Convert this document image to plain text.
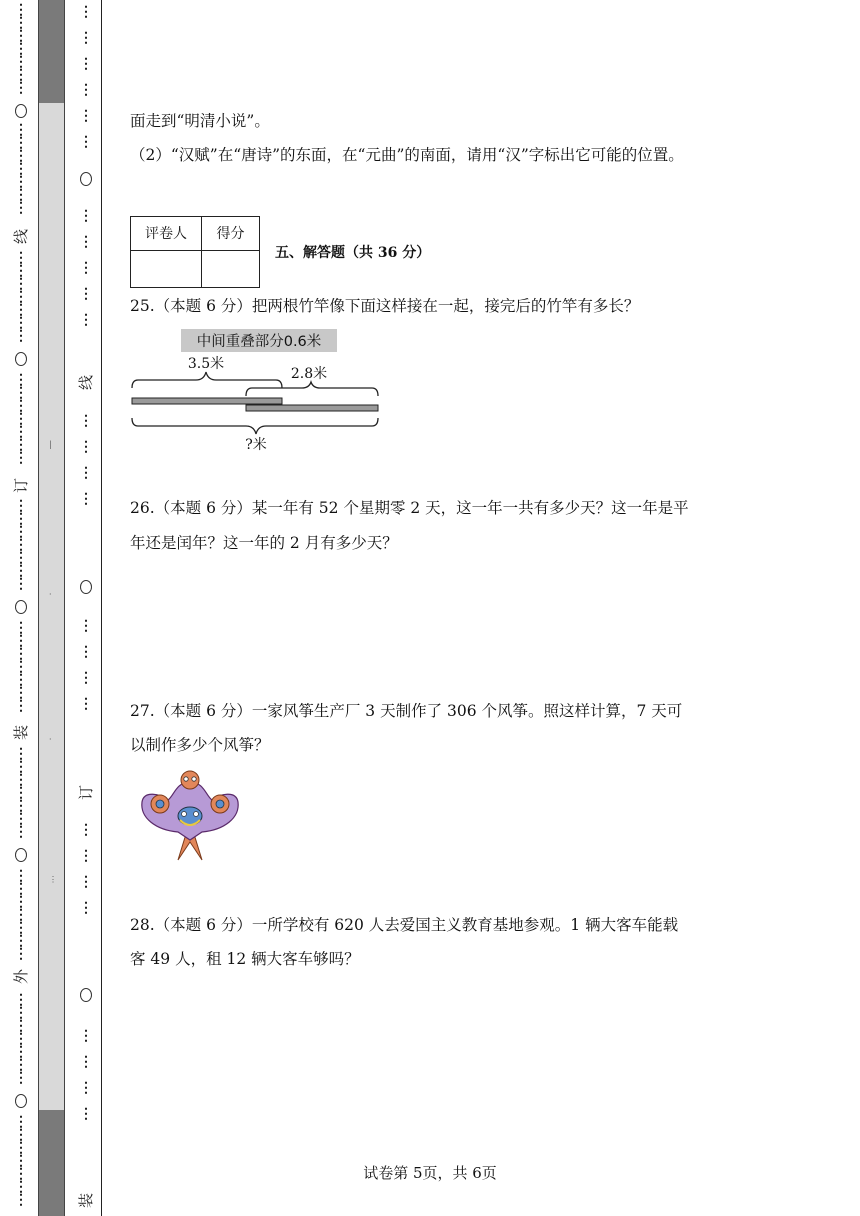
⋮
⋮
⋮
⋮
⋮
⋮
⋮
⋮
⋮
⋮
⋮
⋮
⋮
⋮
线
⋮
⋮
⋮
⋮
⋮
⋮
⋮
⋮
⋮
⋮
⋮
⋮
⋮
⋮
订
⋮
⋮
⋮
⋮
⋮
⋮
⋮
⋮
⋮
⋮
⋮
⋮
⋮
⋮
装
⋮
⋮
⋮
⋮
⋮
⋮
⋮
⋮
⋮
⋮
⋮
⋮
⋮
⋮
外
⋮
⋮
⋮
⋮
⋮
⋮
⋮
⋮
⋮
⋮
⋮
⋮
⋮
⋮
|
·
·
⋮
⋮

⋮

⋮

⋮

⋮

⋮
⋮

⋮

⋮

⋮

⋮
线
⋮

⋮

⋮

⋮
⋮

⋮

⋮

⋮
订
⋮

⋮

⋮

⋮
⋮

⋮

⋮

⋮
装
面走到“明清小说”。
（2）“汉赋”在“唐诗”的东面，在“元曲”的南面，请用“汉”字标出它可能的位置。
评卷人	得分
五、解答题（共 36 分）
25.（本题 6 分）把两根竹竿像下面这样接在一起，接完后的竹竿有多长？
中间重叠部分0.6米
3.5米
2.8米
?米
26.（本题 6 分）某一年有 52 个星期零 2 天，这一年一共有多少天？这一年是平
年还是闰年？这一年的 2 月有多少天？
27.（本题 6 分）一家风筝生产厂 3 天制作了 306 个风筝。照这样计算，7 天可
以制作多少个风筝？
28.（本题 6 分）一所学校有 620 人去爱国主义教育基地参观。1 辆大客车能载
客 49 人，租 12 辆大客车够吗？
试卷第 5页，共 6页
